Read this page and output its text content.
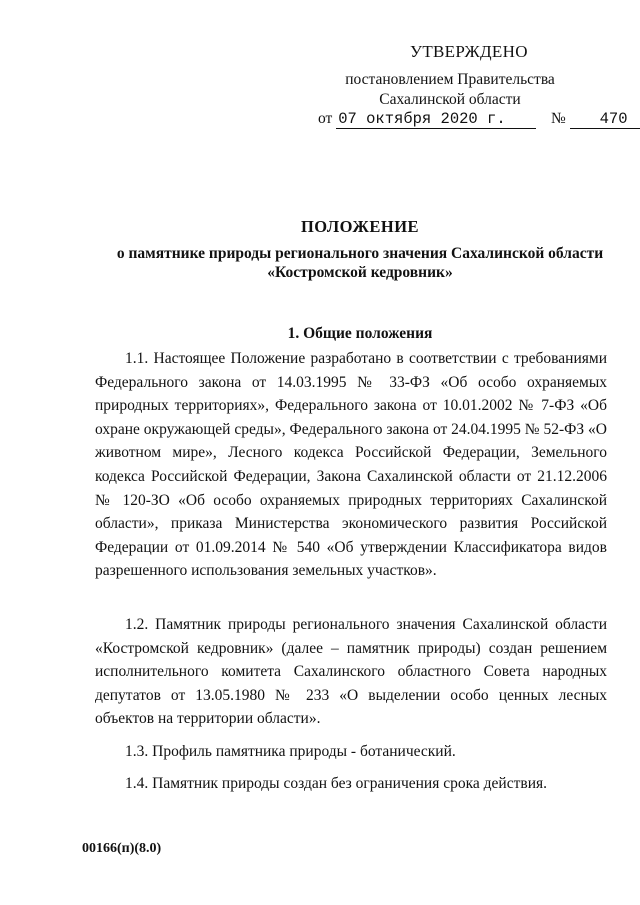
УТВЕРЖДЕНО
постановлением Правительства
Сахалинской области
от 07 октября 2020 г.	№ 470
ПОЛОЖЕНИЕ
о памятнике природы регионального значения Сахалинской области
«Костромской кедровник»
1. Общие положения
1.1. Настоящее Положение разработано в соответствии с требованиями Федерального закона от 14.03.1995 № 33-ФЗ «Об особо охраняемых природных территориях», Федерального закона от 10.01.2002 № 7-ФЗ «Об охране окружающей среды», Федерального закона от 24.04.1995 № 52-ФЗ «О животном мире», Лесного кодекса Российской Федерации, Земельного кодекса Российской Федерации, Закона Сахалинской области от 21.12.2006 № 120-ЗО «Об особо охраняемых природных территориях Сахалинской области», приказа Министерства экономического развития Российской Федерации от 01.09.2014 № 540 «Об утверждении Классификатора видов разрешенного использования земельных участков».
1.2. Памятник природы регионального значения Сахалинской области «Костромской кедровник» (далее – памятник природы) создан решением исполнительного комитета Сахалинского областного Совета народных депутатов от 13.05.1980 № 233 «О выделении особо ценных лесных объектов на территории области».
1.3. Профиль памятника природы - ботанический.
1.4. Памятник природы создан без ограничения срока действия.
00166(п)(8.0)
